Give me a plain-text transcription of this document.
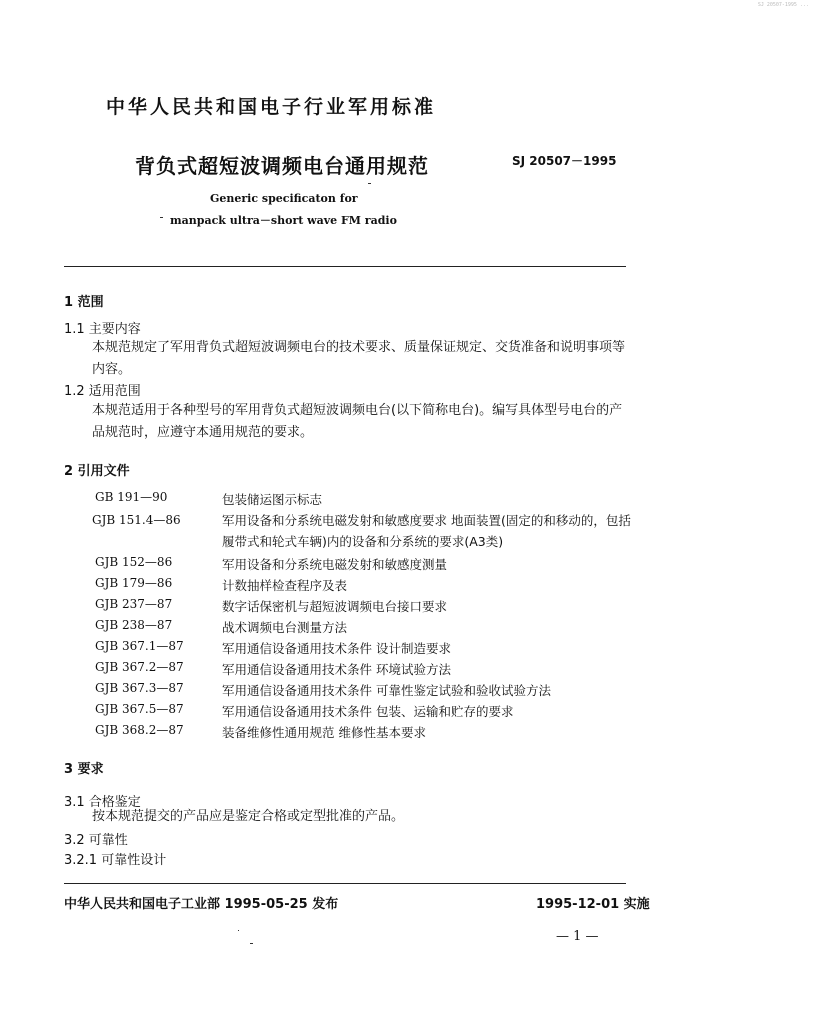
SJ 20507-1995 ...
中华人民共和国电子行业军用标准
背负式超短波调频电台通用规范	SJ 20507－1995
Generic specificaton for
manpack ultra－short wave FM radio
1 范围
1.1 主要内容
本规范规定了军用背负式超短波调频电台的技术要求、质量保证规定、交货准备和说明事项等内容。
1.2 适用范围
本规范适用于各种型号的军用背负式超短波调频电台(以下简称电台)。编写具体型号电台的产品规范时，应遵守本通用规范的要求。
2 引用文件
GB 191—90	包装储运图示标志
GJB 151.4—86	军用设备和分系统电磁发射和敏感度要求 地面装置(固定的和移动的，包括履带式和轮式车辆)内的设备和分系统的要求(A3类)
GJB 152—86	军用设备和分系统电磁发射和敏感度测量
GJB 179—86	计数抽样检查程序及表
GJB 237—87	数字话保密机与超短波调频电台接口要求
GJB 238—87	战术调频电台测量方法
GJB 367.1—87	军用通信设备通用技术条件 设计制造要求
GJB 367.2—87	军用通信设备通用技术条件 环境试验方法
GJB 367.3—87	军用通信设备通用技术条件 可靠性鉴定试验和验收试验方法
GJB 367.5—87	军用通信设备通用技术条件 包装、运输和贮存的要求
GJB 368.2—87	装备维修性通用规范 维修性基本要求
3 要求
3.1 合格鉴定
按本规范提交的产品应是鉴定合格或定型批准的产品。
3.2 可靠性
3.2.1 可靠性设计
中华人民共和国电子工业部 1995-05-25 发布	1995-12-01 实施
— 1 —
